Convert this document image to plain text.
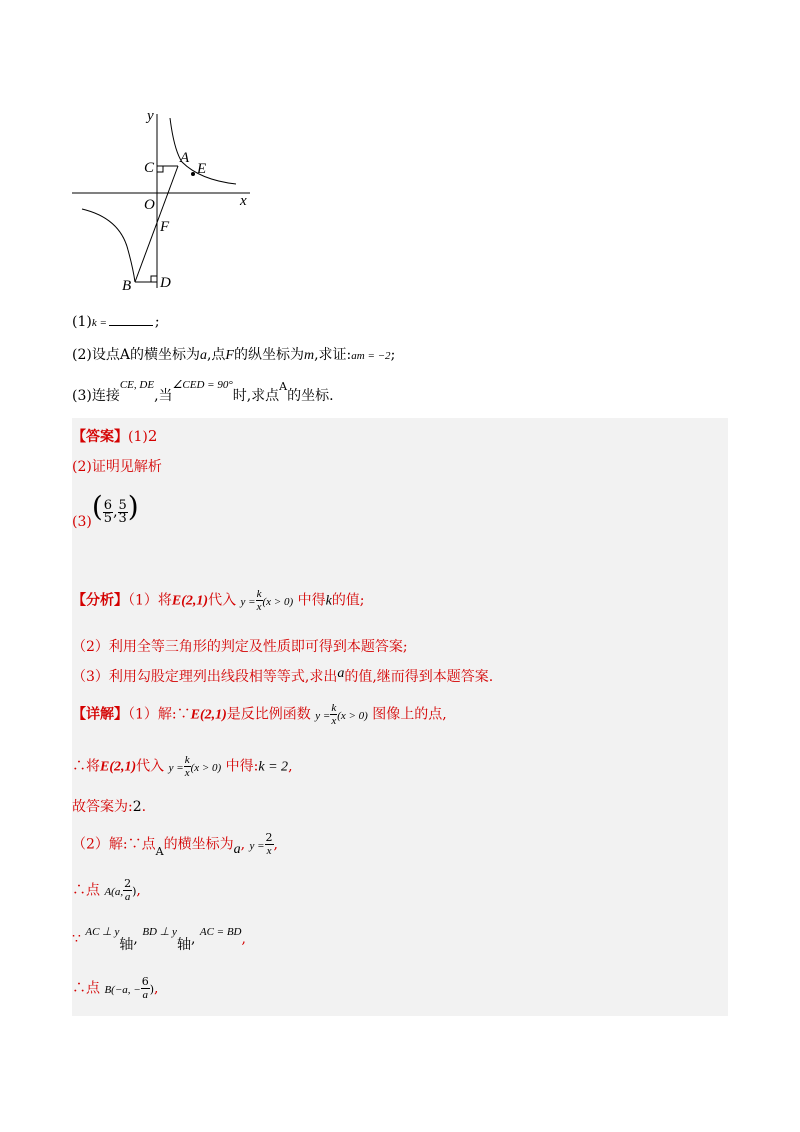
y
x
O
A
C	E
F
B D
(1)k =	;
(2)设点A的横坐标为a,点F的纵坐标为m,求证:am = −2;
(3)连接$^{CE, DE}$,当$^{\angle CED = 90^\circ}$时,求点$^A$的坐标.
【答案】(1)2
(2)证明见解析
$(3)( \frac{6}{5}$ , $\frac{5}{3}$ )
【分析】（1）将E(2,1)代入 $y = \frac{k}{x} (x > 0)$ 中得k的值;
（2）利用全等三角形的判定及性质即可得到本题答案;
（3）利用勾股定理列出线段相等等式,求出a的值,继而得到本题答案.
【详解】（1）解:∵E(2,1)是反比例函数 $y = \frac{k}{x} (x > 0)$ 图像上的点,
∴将E(2,1)代入 $y = \frac{k}{x} (x > 0)$ 中得:k = 2,
故答案为:2.
（2）解:∵点$_A$的横坐标为a, $y = \frac{2}{x}$ ,
∴点 A(a, $\frac{2}{a}$ ),
∵ $^{AC \perp y}$轴, $^{BD \perp y}$轴, $^{AC = BD}$,
∴点 B(−a, − $\frac{6}{a}$ ),
